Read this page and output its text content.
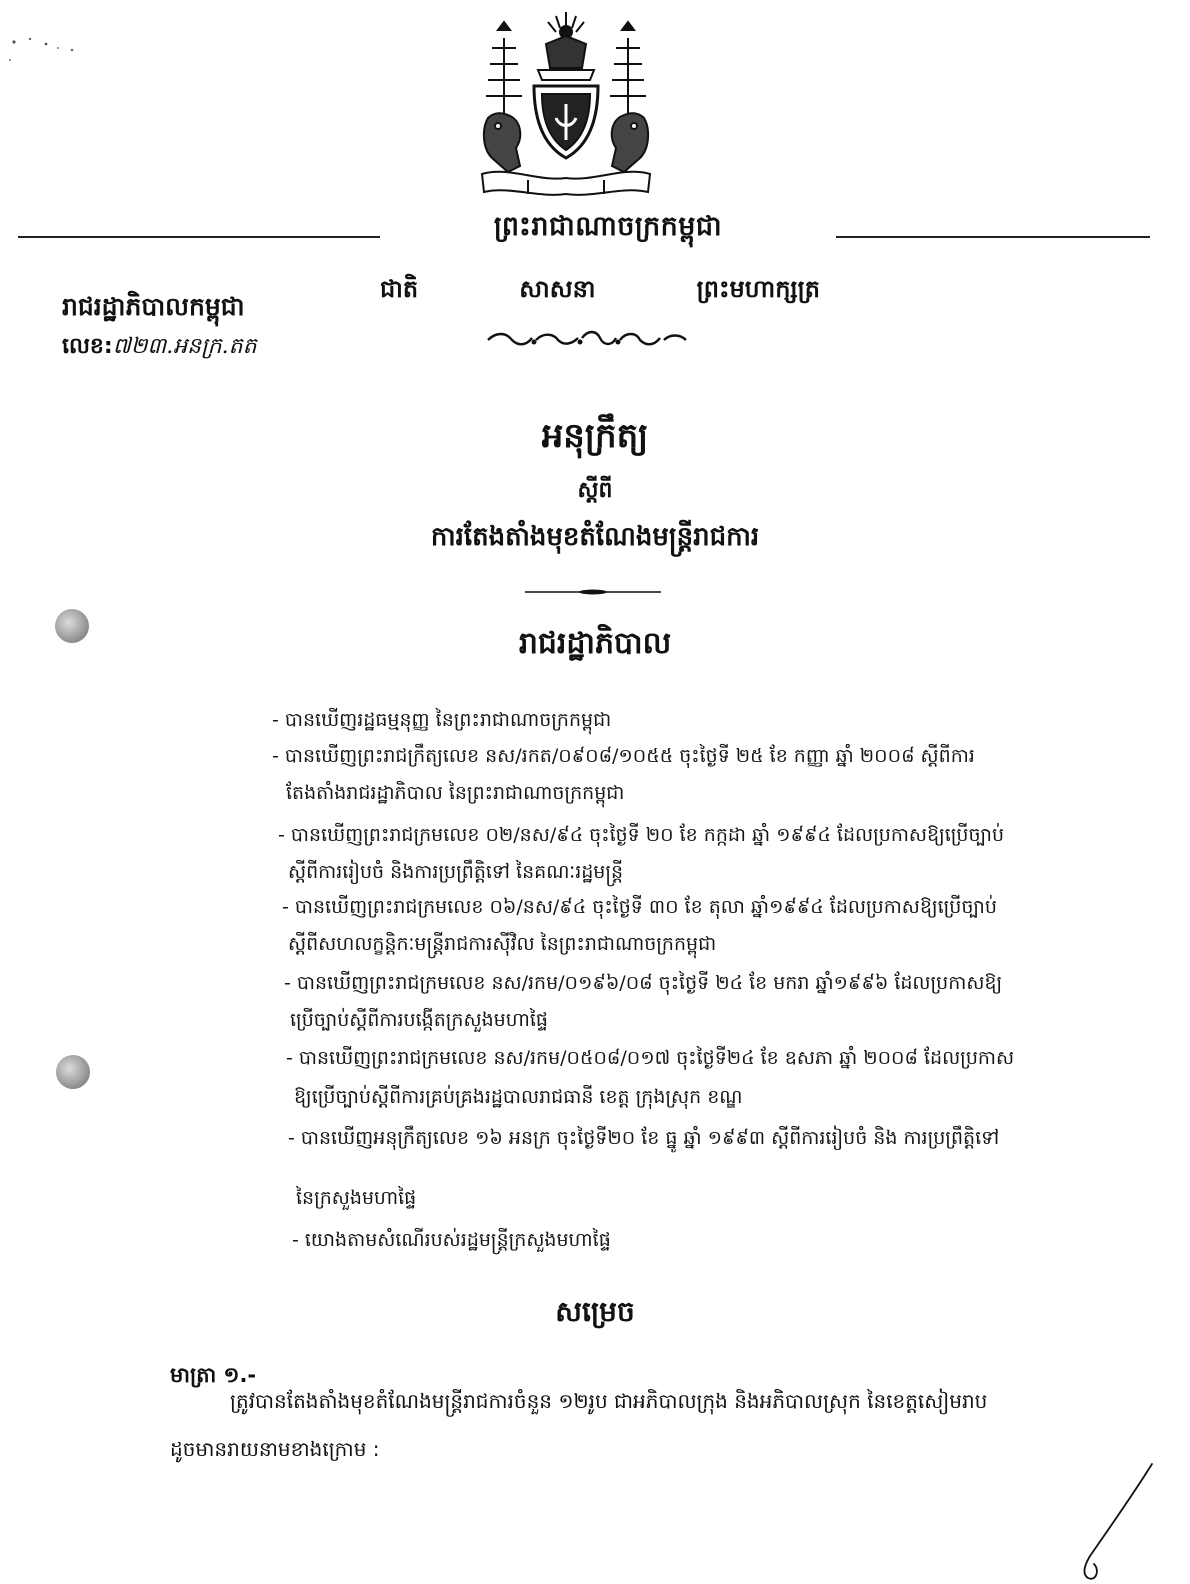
ព្រះរាជាណាចក្រកម្ពុជា
ជាតិ	សាសនា	ព្រះមហាក្សត្រ
រាជរដ្ឋាភិបាលកម្ពុជា
លេខ:៧២៣.អនក្រ.តត
អនុក្រឹត្យ
ស្តីពី
ការតែងតាំងមុខតំណែងមន្ត្រីរាជការ
រាជរដ្ឋាភិបាល
- បានឃើញរដ្ឋធម្មនុញ្ញ នៃព្រះរាជាណាចក្រកម្ពុជា
- បានឃើញព្រះរាជក្រឹត្យលេខ នស/រកត/០៩០៨/១០៥៥ ចុះថ្ងៃទី ២៥ ខែ កញ្ញា ឆ្នាំ ២០០៨ ស្តីពីការ
តែងតាំងរាជរដ្ឋាភិបាល នៃព្រះរាជាណាចក្រកម្ពុជា
- បានឃើញព្រះរាជក្រមលេខ ០២/នស/៩៤ ចុះថ្ងៃទី ២០ ខែ កក្កដា ឆ្នាំ ១៩៩៤ ដែលប្រកាសឱ្យប្រើច្បាប់
ស្តីពីការរៀបចំ និងការប្រព្រឹត្តិទៅ នៃគណៈរដ្ឋមន្ត្រី
- បានឃើញព្រះរាជក្រមលេខ ០៦/នស/៩៤ ចុះថ្ងៃទី ៣០ ខែ តុលា ឆ្នាំ១៩៩៤ ដែលប្រកាសឱ្យប្រើច្បាប់
ស្តីពីសហលក្ខន្តិកៈមន្ត្រីរាជការស៊ីវិល នៃព្រះរាជាណាចក្រកម្ពុជា
- បានឃើញព្រះរាជក្រមលេខ នស/រកម/០១៩៦/០៨ ចុះថ្ងៃទី ២៤ ខែ មករា ឆ្នាំ១៩៩៦ ដែលប្រកាសឱ្យ
ប្រើច្បាប់ស្តីពីការបង្កើតក្រសួងមហាផ្ទៃ
- បានឃើញព្រះរាជក្រមលេខ នស/រកម/០៥០៨/០១៧ ចុះថ្ងៃទី២៤ ខែ ឧសភា ឆ្នាំ ២០០៨ ដែលប្រកាស
ឱ្យប្រើច្បាប់ស្តីពីការគ្រប់គ្រងរដ្ឋបាលរាជធានី ខេត្ត ក្រុងស្រុក ខណ្ឌ
- បានឃើញអនុក្រឹត្យលេខ ១៦ អនក្រ ចុះថ្ងៃទី២០ ខែ ធ្នូ ឆ្នាំ ១៩៩៣ ស្តីពីការរៀបចំ និង ការប្រព្រឹត្តិទៅ
នៃក្រសួងមហាផ្ទៃ
- យោងតាមសំណើរបស់រដ្ឋមន្ត្រីក្រសួងមហាផ្ទៃ
សម្រេច
មាត្រា ១.-
ត្រូវបានតែងតាំងមុខតំណែងមន្ត្រីរាជការចំនួន ១២រូប ជាអភិបាលក្រុង និងអភិបាលស្រុក នៃខេត្តសៀមរាប
ដូចមានរាយនាមខាងក្រោម :
